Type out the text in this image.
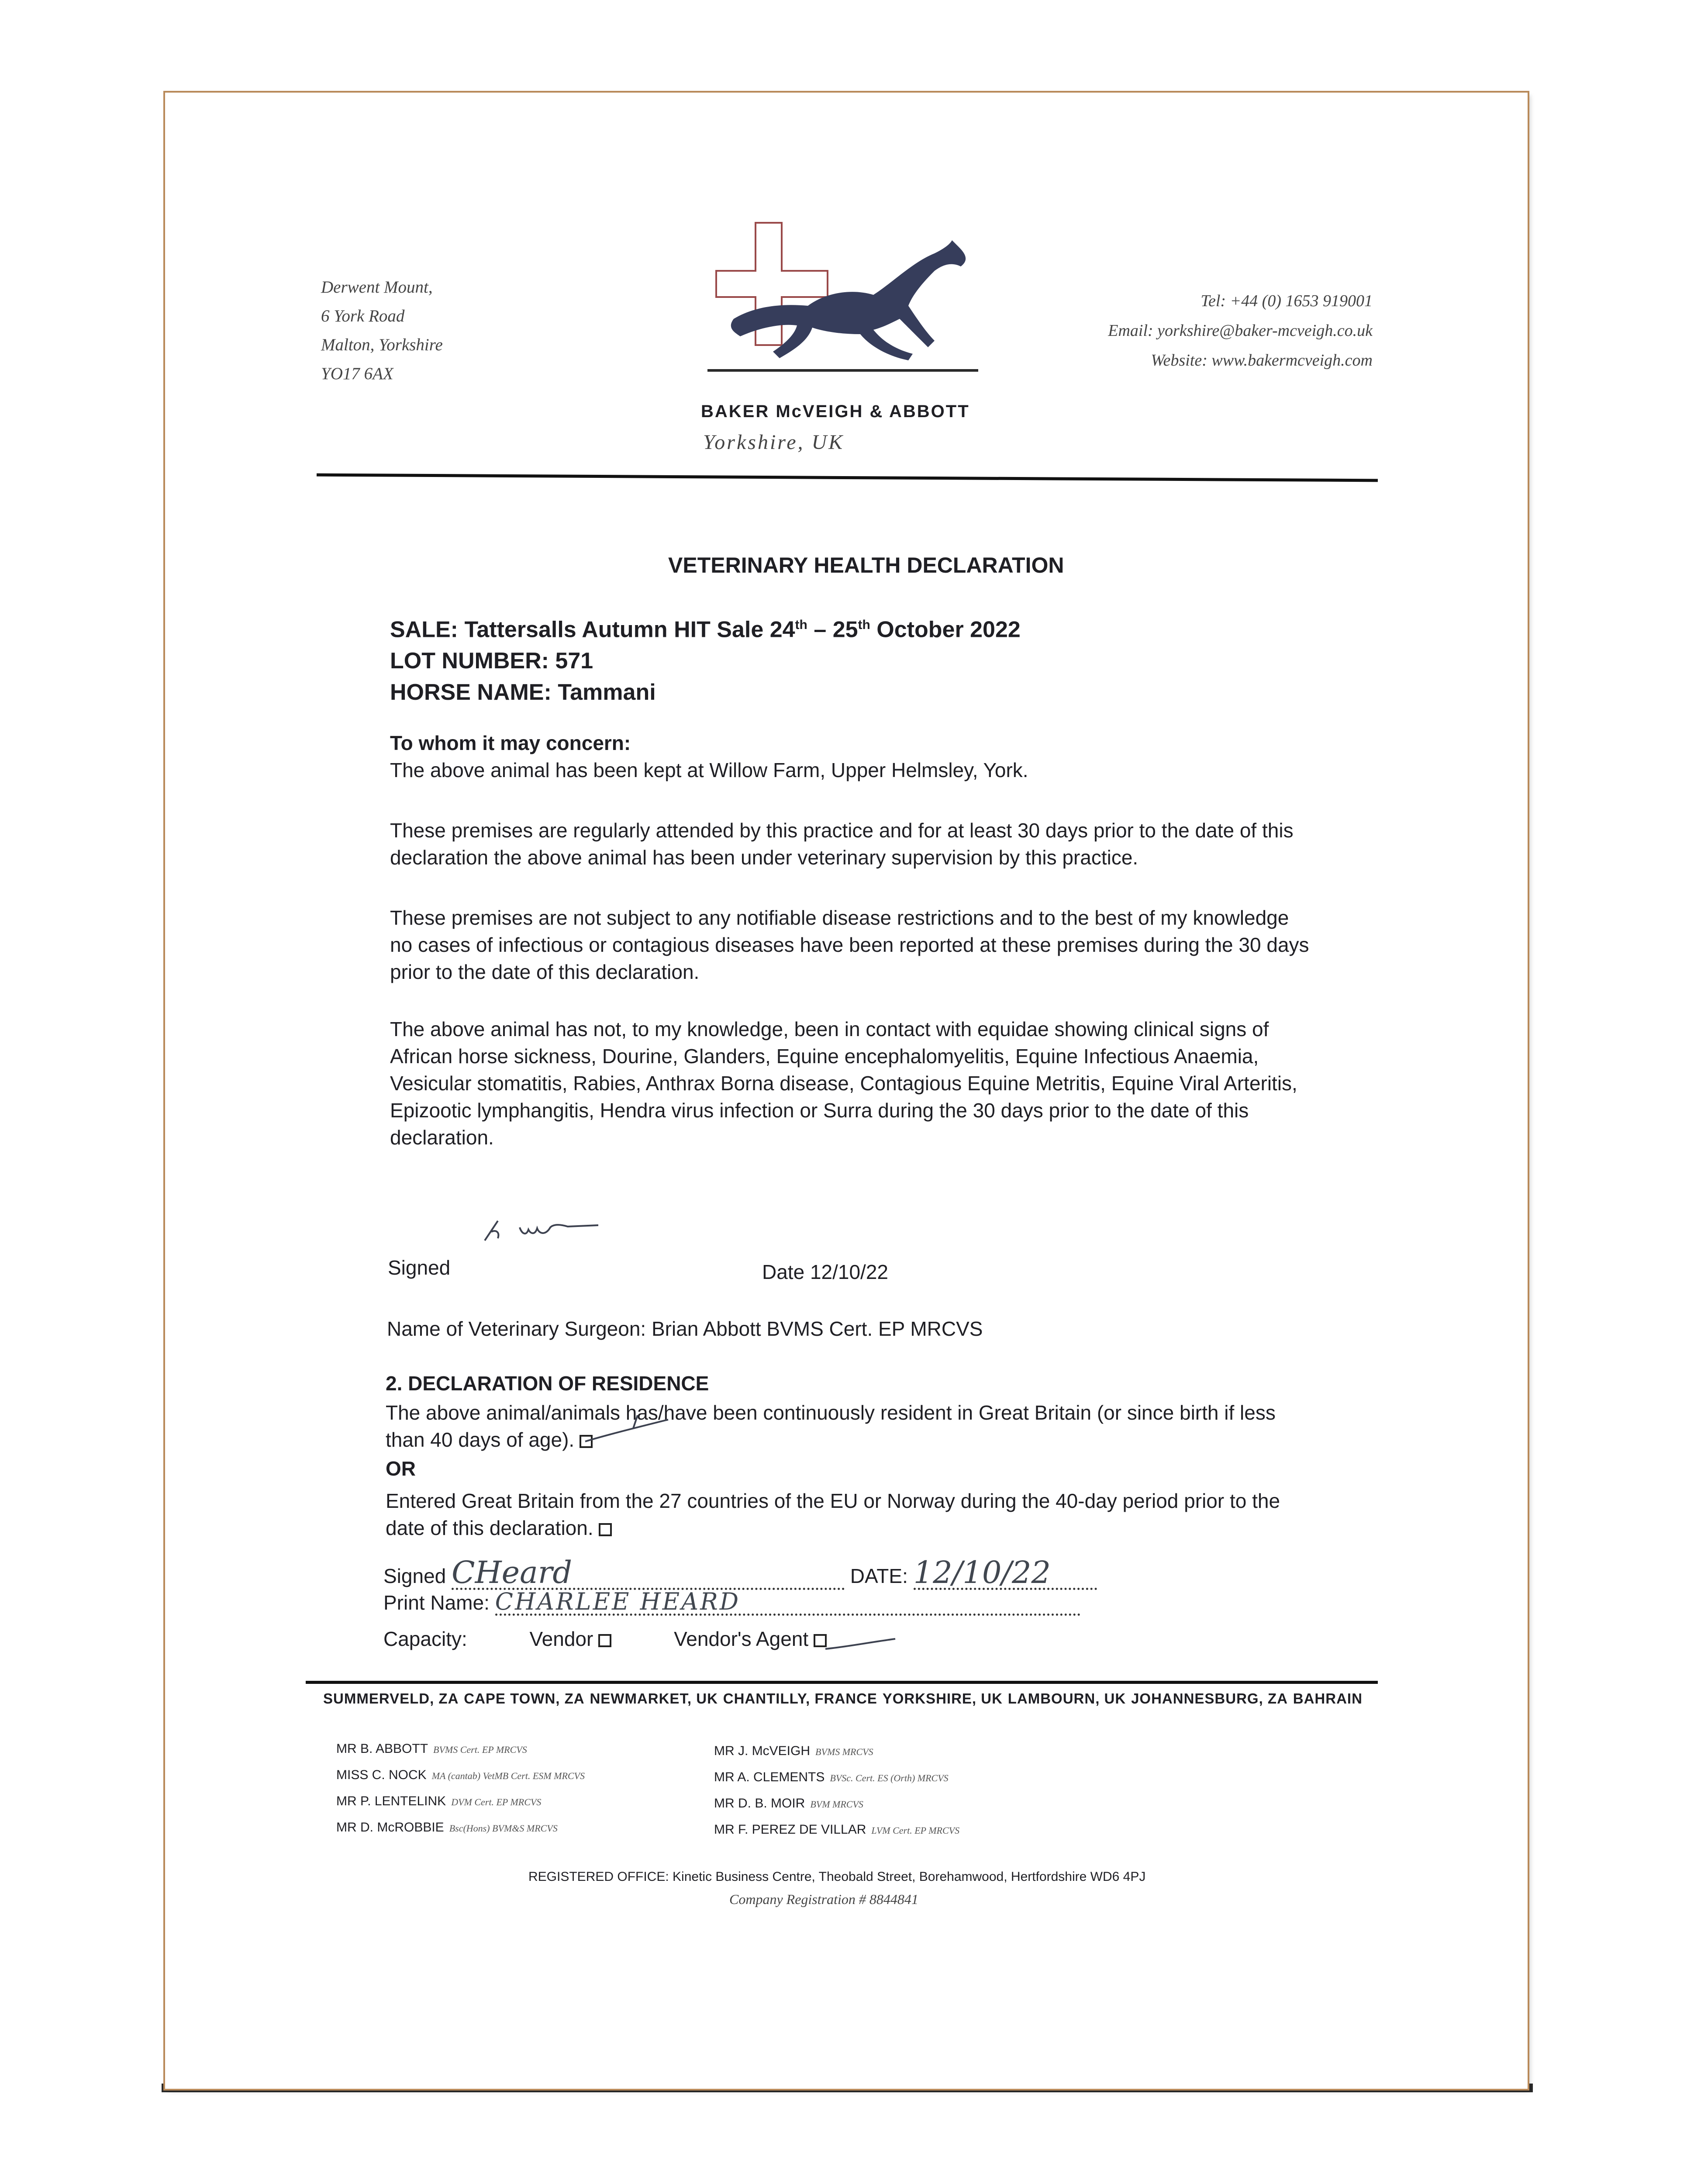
Derwent Mount,
6 York Road
Malton, Yorkshire
YO17 6AX
BAKER McVEIGH & ABBOTT
Yorkshire, UK
Tel: +44 (0) 1653 919001
Email: yorkshire@baker-mcveigh.co.uk
Website: www.bakermcveigh.com
VETERINARY HEALTH DECLARATION
SALE: Tattersalls Autumn HIT Sale 24th – 25th October 2022
LOT NUMBER: 571
HORSE NAME: Tammani
To whom it may concern:
The above animal has been kept at Willow Farm, Upper Helmsley, York.
These premises are regularly attended by this practice and for at least 30 days prior to the date of this declaration the above animal has been under veterinary supervision by this practice.
These premises are not subject to any notifiable disease restrictions and to the best of my knowledge no cases of infectious or contagious diseases have been reported at these premises during the 30 days prior to the date of this declaration.
The above animal has not, to my knowledge, been in contact with equidae showing clinical signs of African horse sickness, Dourine, Glanders, Equine encephalomyelitis, Equine Infectious Anaemia, Vesicular stomatitis, Rabies, Anthrax Borna disease, Contagious Equine Metritis, Equine Viral Arteritis, Epizootic lymphangitis, Hendra virus infection or Surra during the 30 days prior to the date of this declaration.
Signed	Date 12/10/22
Name of Veterinary Surgeon: Brian Abbott BVMS Cert. EP MRCVS
2. DECLARATION OF RESIDENCE
The above animal/animals has/have been continuously resident in Great Britain (or since birth if less than 40 days of age).
OR
Entered Great Britain from the 27 countries of the EU or Norway during the 40-day period prior to the date of this declaration.
Signed CHeard	DATE: 12/10/22
Print Name: CHARLEE HEARD
Capacity:	Vendor	Vendor's Agent
SUMMERVELD, ZA CAPE TOWN, ZA NEWMARKET, UK CHANTILLY, FRANCE YORKSHIRE, UK LAMBOURN, UK JOHANNESBURG, ZA BAHRAIN
MR B. ABBOTT BVMS Cert. EP MRCVS
MISS C. NOCK MA (cantab) VetMB Cert. ESM MRCVS
MR P. LENTELINK DVM Cert. EP MRCVS
MR D. McROBBIE Bsc(Hons) BVM&S MRCVS
MR J. McVEIGH BVMS MRCVS
MR A. CLEMENTS BVSc. Cert. ES (Orth) MRCVS
MR D. B. MOIR BVM MRCVS
MR F. PEREZ DE VILLAR LVM Cert. EP MRCVS
REGISTERED OFFICE: Kinetic Business Centre, Theobald Street, Borehamwood, Hertfordshire WD6 4PJ
Company Registration # 8844841
